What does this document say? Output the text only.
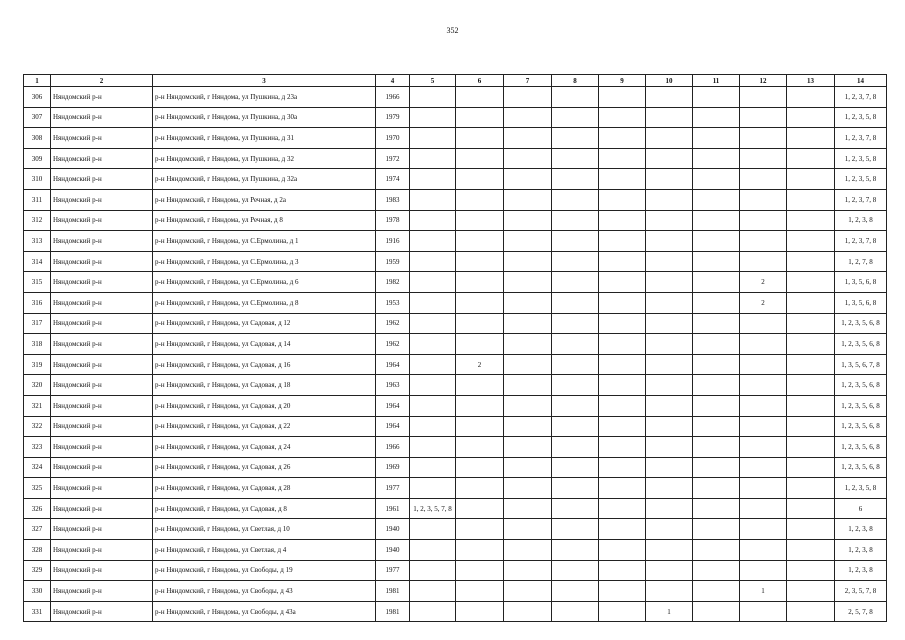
352
1	2	3	4	5	6	7	8	9	10	11	12	13	14
306	Няндомский р-н	р-н Няндомский, г Няндома, ул Пушкина, д 23а	1966										1, 2, 3, 7, 8
307	Няндомский р-н	р-н Няндомский, г Няндома, ул Пушкина, д 30а	1979										1, 2, 3, 5, 8
308	Няндомский р-н	р-н Няндомский, г Няндома, ул Пушкина, д 31	1970										1, 2, 3, 7, 8
309	Няндомский р-н	р-н Няндомский, г Няндома, ул Пушкина, д 32	1972										1, 2, 3, 5, 8
310	Няндомский р-н	р-н Няндомский, г Няндома, ул Пушкина, д 32а	1974										1, 2, 3, 5, 8
311	Няндомский р-н	р-н Няндомский, г Няндома, ул Речная, д 2а	1983										1, 2, 3, 7, 8
312	Няндомский р-н	р-н Няндомский, г Няндома, ул Речная, д 8	1978										1, 2, 3, 8
313	Няндомский р-н	р-н Няндомский, г Няндома, ул С.Ермолина, д 1	1916										1, 2, 3, 7, 8
314	Няндомский р-н	р-н Няндомский, г Няндома, ул С.Ермолина, д 3	1959										1, 2, 7, 8
315	Няндомский р-н	р-н Няндомский, г Няндома, ул С.Ермолина, д 6	1982								2		1, 3, 5, 6, 8
316	Няндомский р-н	р-н Няндомский, г Няндома, ул С.Ермолина, д 8	1953								2		1, 3, 5, 6, 8
317	Няндомский р-н	р-н Няндомский, г Няндома, ул Садовая, д 12	1962										1, 2, 3, 5, 6, 8
318	Няндомский р-н	р-н Няндомский, г Няндома, ул Садовая, д 14	1962										1, 2, 3, 5, 6, 8
319	Няндомский р-н	р-н Няндомский, г Няндома, ул Садовая, д 16	1964		2								1, 3, 5, 6, 7, 8
320	Няндомский р-н	р-н Няндомский, г Няндома, ул Садовая, д 18	1963										1, 2, 3, 5, 6, 8
321	Няндомский р-н	р-н Няндомский, г Няндома, ул Садовая, д 20	1964										1, 2, 3, 5, 6, 8
322	Няндомский р-н	р-н Няндомский, г Няндома, ул Садовая, д 22	1964										1, 2, 3, 5, 6, 8
323	Няндомский р-н	р-н Няндомский, г Няндома, ул Садовая, д 24	1966										1, 2, 3, 5, 6, 8
324	Няндомский р-н	р-н Няндомский, г Няндома, ул Садовая, д 26	1969										1, 2, 3, 5, 6, 8
325	Няндомский р-н	р-н Няндомский, г Няндома, ул Садовая, д 28	1977										1, 2, 3, 5, 8
326	Няндомский р-н	р-н Няндомский, г Няндома, ул Садовая, д 8	1961	1, 2, 3, 5, 7, 8									6
327	Няндомский р-н	р-н Няндомский, г Няндома, ул Светлая, д 10	1940										1, 2, 3, 8
328	Няндомский р-н	р-н Няндомский, г Няндома, ул Светлая, д 4	1940										1, 2, 3, 8
329	Няндомский р-н	р-н Няндомский, г Няндома, ул Свободы, д 19	1977										1, 2, 3, 8
330	Няндомский р-н	р-н Няндомский, г Няндома, ул Свободы, д 43	1981								1		2, 3, 5, 7, 8
331	Няндомский р-н	р-н Няндомский, г Няндома, ул Свободы, д 43а	1981						1				2, 5, 7, 8
